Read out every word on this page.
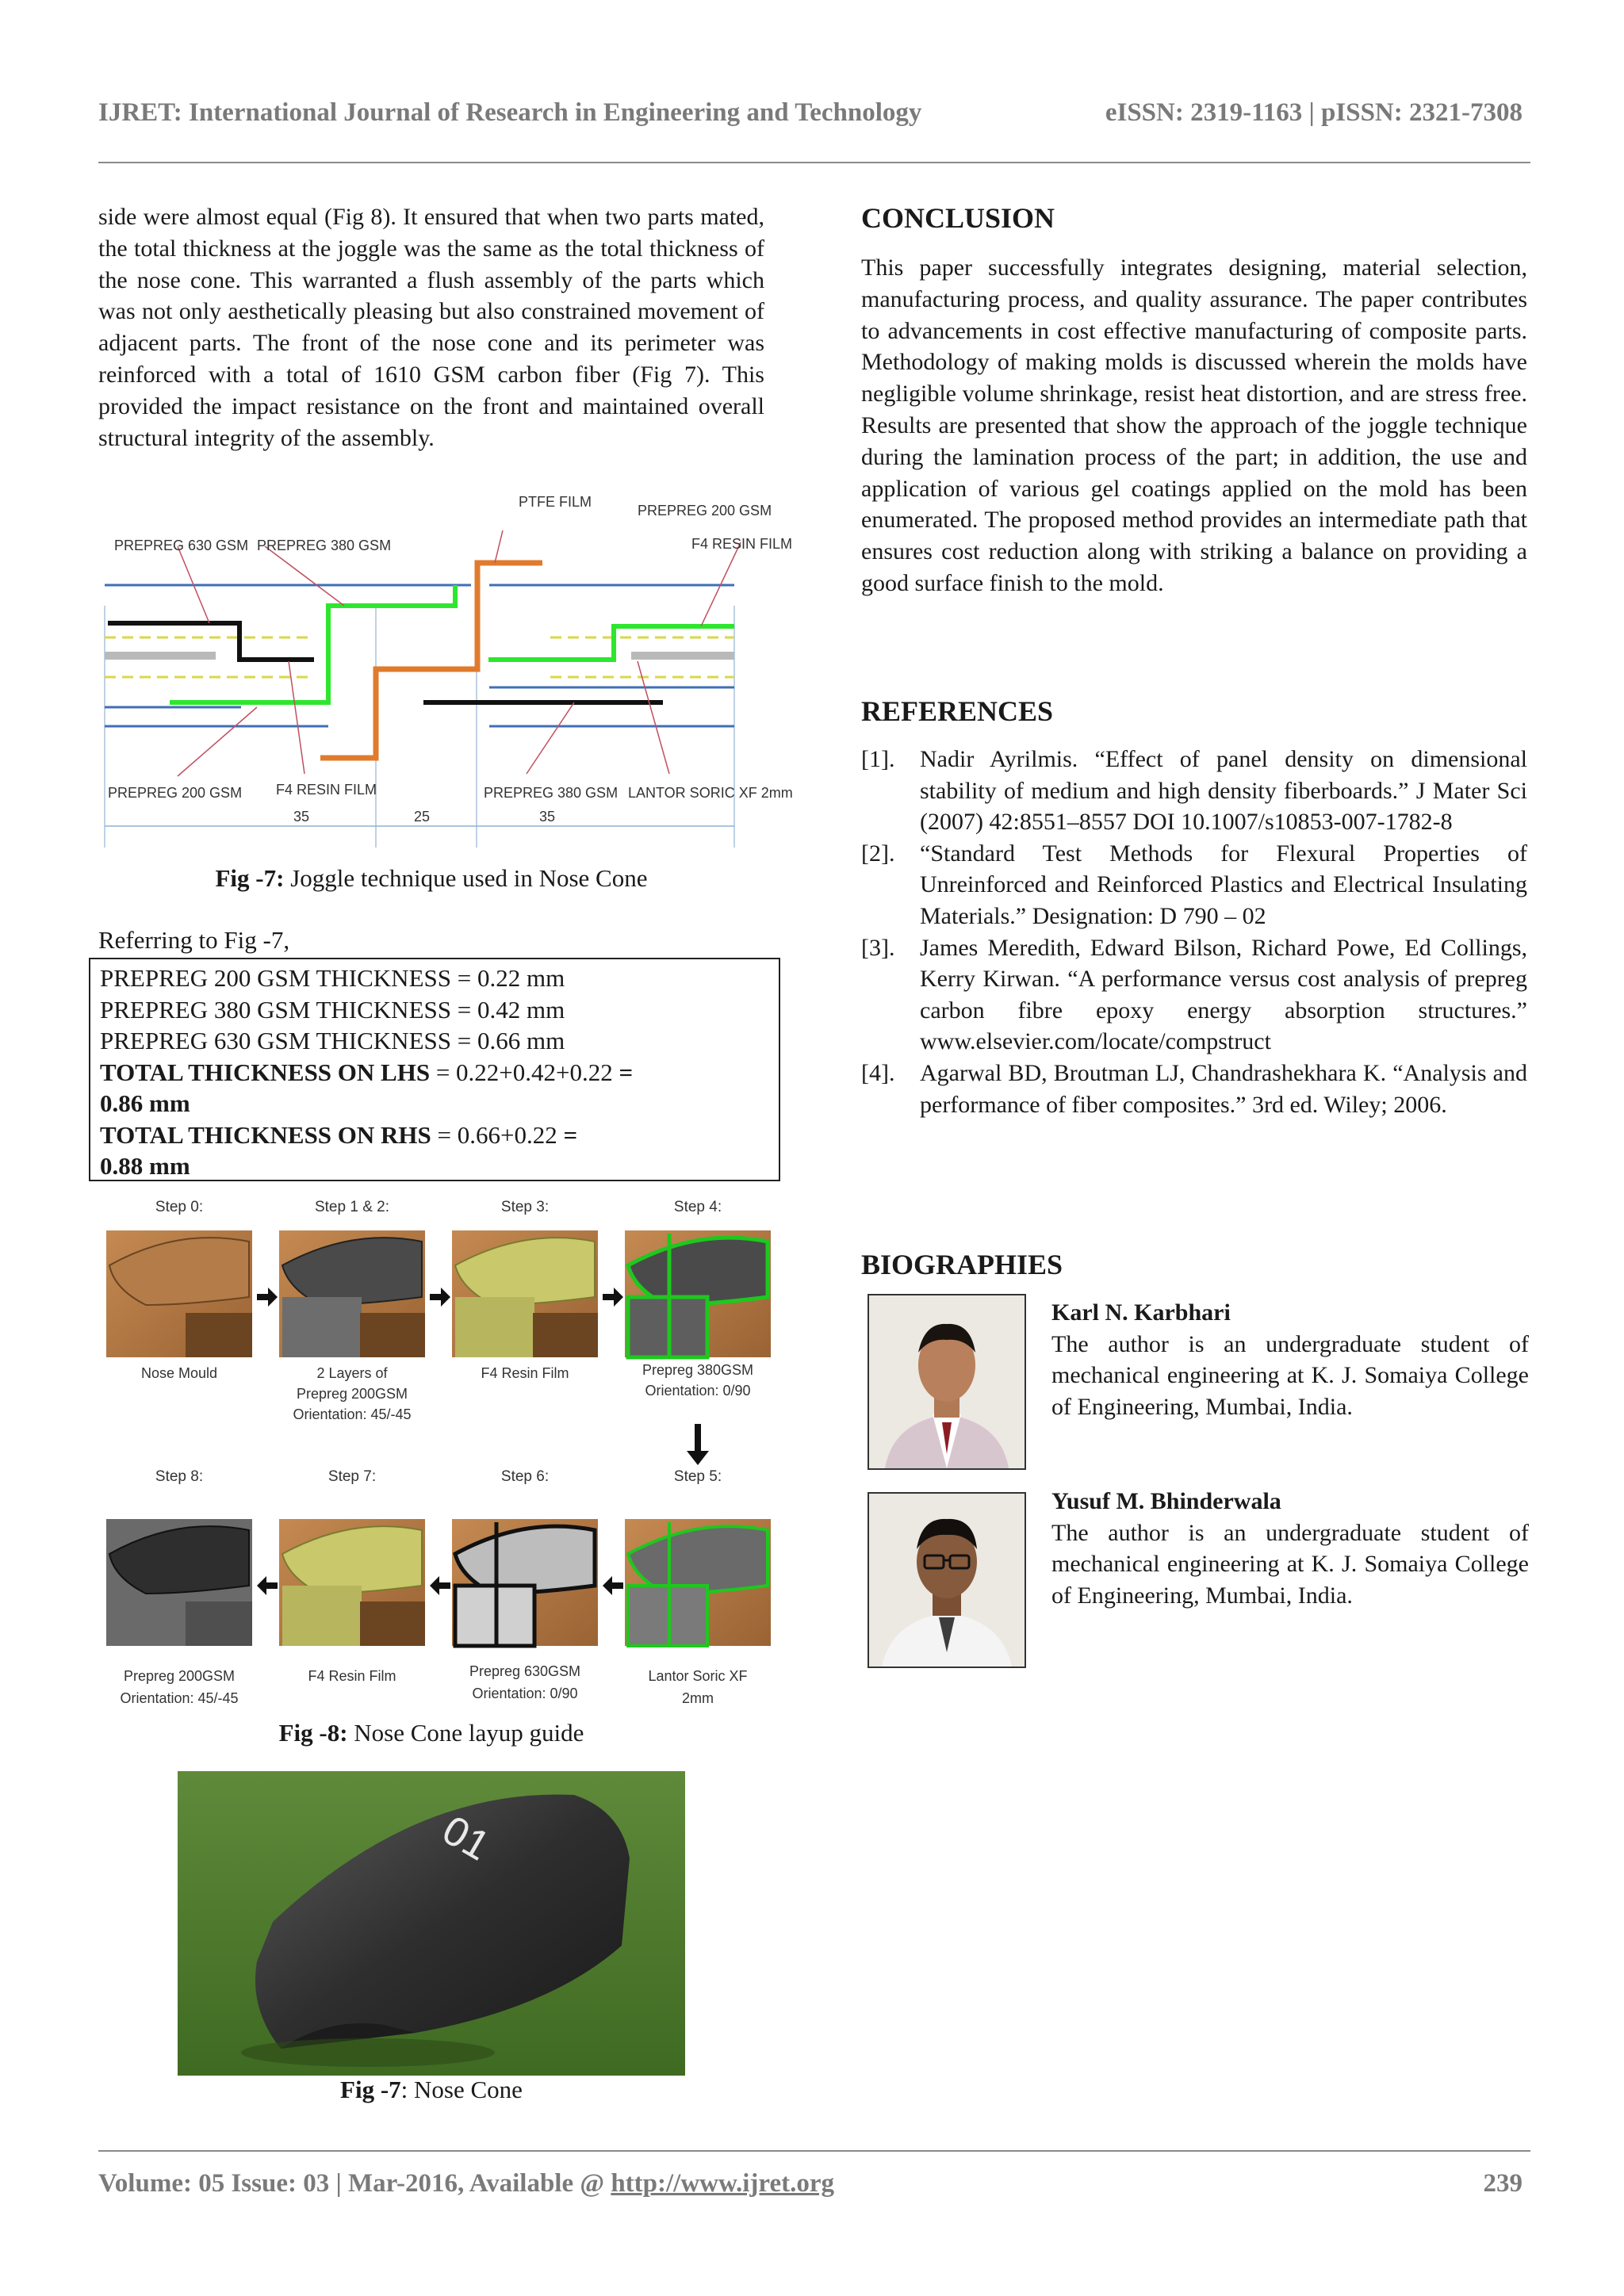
IJRET: International Journal of Research in Engineering and Technology	eISSN: 2319-1163 | pISSN: 2321-7308

side were almost equal (Fig 8). It ensured that when two parts mated, the total thickness at the joggle was the same as the total thickness of the nose cone. This warranted a flush assembly of the parts which was not only aesthetically pleasing but also constrained movement of adjacent parts. The front of the nose cone and its perimeter was reinforced with a total of 1610 GSM carbon fiber (Fig 7). This provided the impact resistance on the front and maintained overall structural integrity of the assembly.

PTFE FILM
PREPREG 200 GSM
PREPREG 630 GSM PREPREG 380 GSM	F4 RESIN FILM
PREPREG 200 GSM F4 RESIN FILM	PREPREG 380 GSM LANTOR SORIC XF 2mm
35	25	35
Fig -7: Joggle technique used in Nose Cone
Referring to Fig -7,
PREPREG 200 GSM THICKNESS = 0.22 mm
PREPREG 380 GSM THICKNESS = 0.42 mm
PREPREG 630 GSM THICKNESS = 0.66 mm
TOTAL THICKNESS ON LHS = 0.22+0.42+0.22 =
0.86 mm
TOTAL THICKNESS ON RHS = 0.66+0.22 =
0.88 mm
Step 0:	Step 1 & 2:	Step 3:	Step 4:
Step 8:	Step 7:	Step 6:	Step 5:
Nose Mould	2 Layers of
Prepreg 200GSM
Orientation: 45/-45
F4 Resin Film	Prepreg 380GSM
Orientation: 0/90
Prepreg 200GSM
Orientation: 45/-45
F4 Resin Film	Prepreg 630GSM
Orientation: 0/90
Lantor Soric XF
2mm
Fig -8: Nose Cone layup guide
01
Fig -7: Nose Cone
CONCLUSION

This paper successfully integrates designing, material selection, manufacturing process, and quality assurance. The paper contributes to advancements in cost effective manufacturing of composite parts. Methodology of making molds is discussed wherein the molds have negligible volume shrinkage, resist heat distortion, and are stress free. Results are presented that show the approach of the joggle technique during the lamination process of the part; in addition, the use and application of various gel coatings applied on the mold has been enumerated. The proposed method provides an intermediate path that ensures cost reduction along with striking a balance on providing a good surface finish to the mold.

REFERENCES
[1].	Nadir Ayrilmis. “Effect of panel density on dimensional stability of medium and high density fiberboards.” J Mater Sci (2007) 42:8551–8557 DOI 10.1007/s10853-007-1782-8
[2].	“Standard Test Methods for Flexural Properties of Unreinforced and Reinforced Plastics and Electrical Insulating Materials.” Designation: D 790 – 02
[3].	James Meredith, Edward Bilson, Richard Powe, Ed Collings, Kerry Kirwan. “A performance versus cost analysis of prepreg carbon fibre epoxy energy absorption structures.” www.elsevier.com/locate/compstruct
[4].	Agarwal BD, Broutman LJ, Chandrashekhara K. “Analysis and performance of fiber composites.” 3rd ed. Wiley; 2006.
BIOGRAPHIES
Karl N. Karbhari
The author is an undergraduate student of mechanical engineering at K. J. Somaiya College of Engineering, Mumbai, India.
Yusuf M. Bhinderwala
The author is an undergraduate student of mechanical engineering at K. J. Somaiya College of Engineering, Mumbai, India.
Volume: 05 Issue: 03 | Mar-2016, Available @ http://www.ijret.org	239
